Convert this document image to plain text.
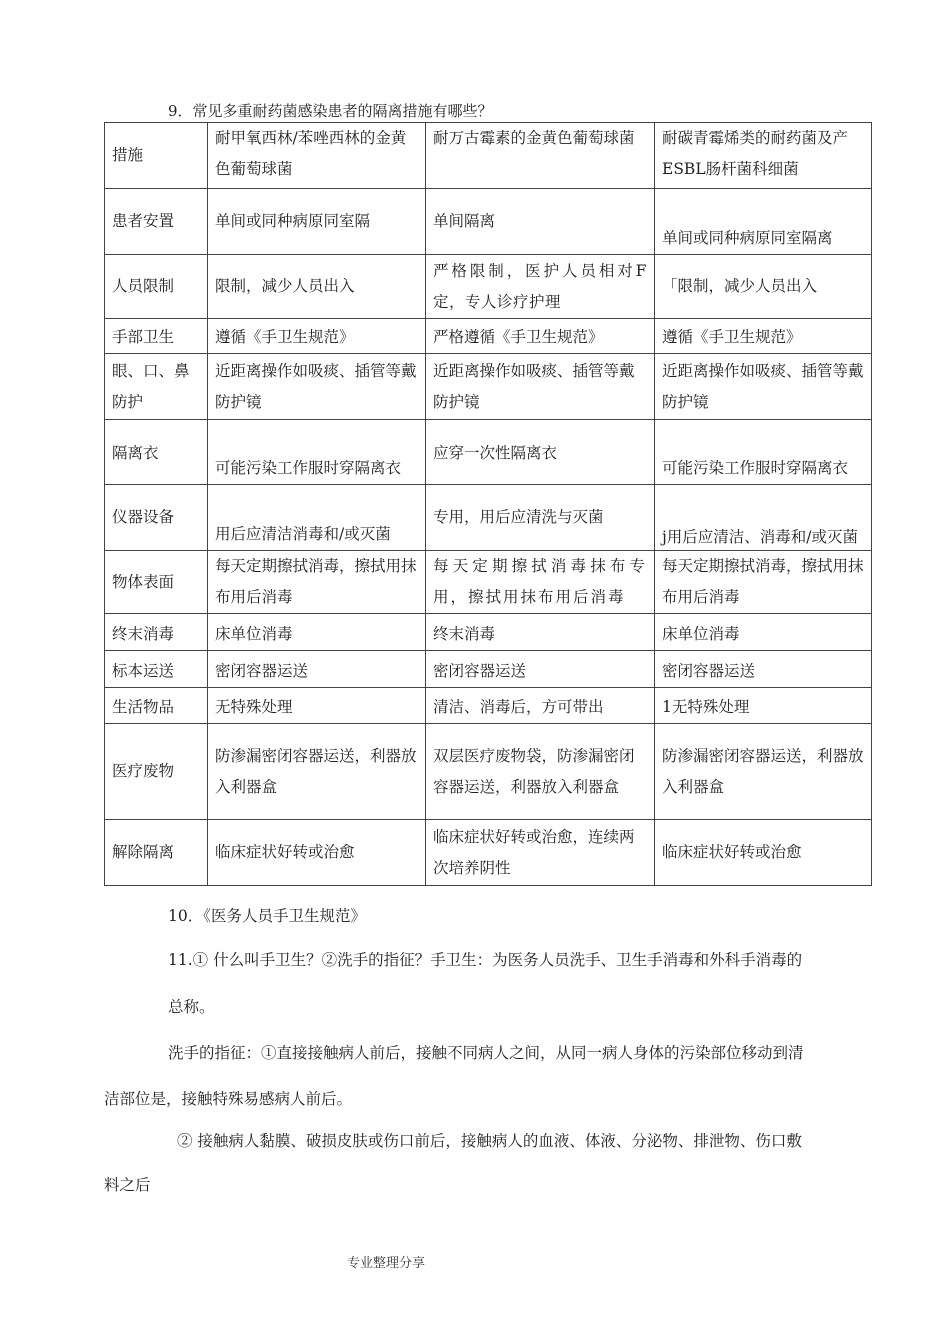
9．常见多重耐药菌感染患者的隔离措施有哪些？
措施	耐甲氧西林/苯唑西林的金黄色葡萄球菌	耐万古霉素的金黄色葡萄球菌	耐碳青霉烯类的耐药菌及产ESBL肠杆菌科细菌
患者安置	单间或同种病原同室隔	单间隔离	单间或同种病原同室隔离
人员限制	限制，减少人员出入	严格限制，医护人员相对F定，专人诊疗护理	「限制，减少人员出入
手部卫生	遵循《手卫生规范》	严格遵循《手卫生规范》	遵循《手卫生规范》
眼、口、鼻防护	近距离操作如吸痰、插管等戴防护镜	近距离操作如吸痰、插管等戴防护镜	近距离操作如吸痰、插管等戴防护镜
隔离衣	可能污染工作服时穿隔离衣	应穿一次性隔离衣	可能污染工作服时穿隔离衣
仪器设备	用后应清洁消毒和/或灭菌	专用，用后应清洗与灭菌	j用后应清洁、消毒和/或灭菌
物体表面	每天定期擦拭消毒，擦拭用抹布用后消毒	每天定期擦拭消毒抹布专用，擦拭用抹布用后消毒	每天定期擦拭消毒，擦拭用抹布用后消毒
终末消毒	床单位消毒	终末消毒	床单位消毒
标本运送	密闭容器运送	密闭容器运送	密闭容器运送
生活物品	无特殊处理	清洁、消毒后，方可带出	1无特殊处理
医疗废物	防渗漏密闭容器运送，利器放入利器盒	双层医疗废物袋，防渗漏密闭容器运送，利器放入利器盒	防渗漏密闭容器运送，利器放入利器盒
解除隔离	临床症状好转或治愈	临床症状好转或治愈，连续两次培养阴性	临床症状好转或治愈
10．《医务人员手卫生规范》
11.① 什么叫手卫生？②洗手的指征？手卫生：为医务人员洗手、卫生手消毒和外科手消毒的
总称。
洗手的指征：①直接接触病人前后，接触不同病人之间，从同一病人身体的污染部位移动到清
洁部位是，接触特殊易感病人前后。
② 接触病人黏膜、破损皮肤或伤口前后，接触病人的血液、体液、分泌物、排泄物、伤口敷
料之后
专业整理分享
